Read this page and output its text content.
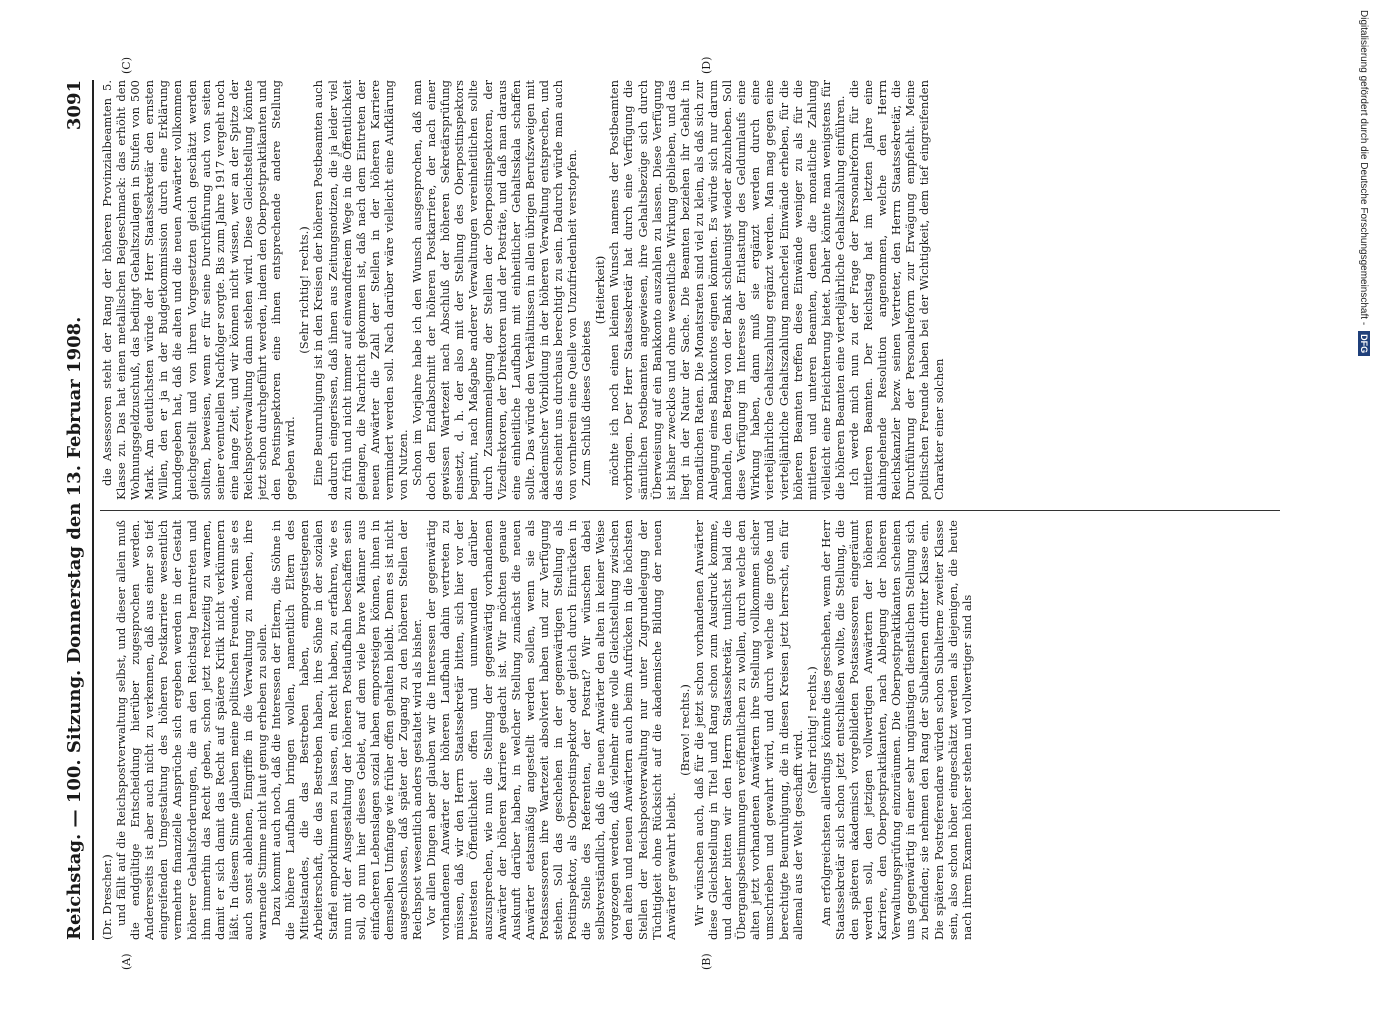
Reichstag. — 100. Sitzung. Donnerstag den 13. Februar 1908.
3091
(A)	(B)
(C)	(D)

(Dr. Drescher.) und fällt auf die Reichspostverwaltung selbst, und dieser allein muß die endgültige Entscheidung hierüber zugesprochen werden. Andererseits ist aber auch nicht zu verkennen, daß aus einer so tief eingreifenden Umgestaltung des höheren Postkarriere wesentlich vermehrte finanzielle Ansprüche sich ergeben werden in der Gestalt höherer Gehaltsforderungen, die an den Reichstag herantreten und ihm immerhin das Recht geben, schon jetzt rechtzeitig zu warnen, damit er sich damit das Recht auf spätere Kritik nicht verkümmern läßt. In diesem Sinne glauben meine politischen Freunde, wenn sie es auch sonst ablehnen, Eingriffe in die Verwaltung zu machen, ihre warnende Stimme nicht laut genug erheben zu sollen. Dazu kommt auch noch, daß die Interessen der Eltern, die Söhne in die höhere Laufbahn bringen wollen, namentlich Eltern des Mittelstandes, die das Bestreben haben, emporgestiegenen Arbeiterschaft, die das Bestreben haben, ihre Söhne in der sozialen Staffel emporklimmen zu lassen, ein Recht haben, zu erfahren, wie es nun mit der Ausgestaltung der höheren Postlaufbahn beschaffen sein soll, ob nun hier dieses Gebiet, auf dem viele brave Männer aus einfacheren Lebenslagen sozial haben emporsteigen können, ihnen in demselben Umfange wie früher offen gehalten bleibt. Denn es ist nicht ausgeschlossen, daß später der Zugang zu den höheren Stellen der Reichspost wesentlich anders gestaltet wird als bisher. Vor allen Dingen aber glauben wir die Interessen der gegenwärtig vorhandenen Anwärter der höheren Laufbahn dahin vertreten zu müssen, daß wir den Herrn Staatssekretär bitten, sich hier vor der breitesten Öffentlichkeit offen und unumwunden darüber auszusprechen, wie nun die Stellung der gegenwärtig vorhandenen Anwärter der höheren Karriere gedacht ist. Wir möchten genaue Auskunft darüber haben, in welcher Stellung zunächst die neuen Anwärter etatsmäßig angestellt werden sollen, wenn sie als Postassessoren ihre Wartezeit absolviert haben und zur Verfügung stehen. Soll das geschehen in der gegenwärtigen Stellung als Postinspektor, als Oberpostinspektor oder gleich durch Einrücken in die Stelle des Referenten, der Postrat? Wir wünschen dabei selbstverständlich, daß die neuen Anwärter den alten in keiner Weise vorgezogen werden, daß vielmehr eine volle Gleichstellung zwischen den alten und neuen Anwärtern auch beim Aufrücken in die höchsten Stellen der Reichspostverwaltung nur unter Zugrundelegung der Tüchtigkeit ohne Rücksicht auf die akademische Bildung der neuen Anwärter gewahrt bleibt.

(Bravo! rechts.) Wir wünschen auch, daß für die jetzt schon vorhandenen Anwärter diese Gleichstellung in Titel und Rang schon zum Ausdruck komme, und daher bitten wir den Herrn Staatssekretär, tunlichst bald die Übergangsbestimmungen veröffentlichen zu wollen, durch welche den alten jetzt vorhandenen Anwärtern ihre Stellung vollkommen sicher umschrieben und gewahrt wird, und durch welche die große und berechtigte Beunruhigung, die in diesen Kreisen jetzt herrscht, ein für allemal aus der Welt geschafft wird. (Sehr richtig! rechts.) Am erfolgreichsten allerdings könnte dies geschehen, wenn der Herr Staatssekretär sich schon jetzt entschließen wollte, die Stellung, die den späteren akademisch vorgebildeten Postassessoren eingeräumt werden soll, den jetzigen vollwertigen Anwärtern der höheren Karriere, den Oberpostpraktikanten, nach Ablegung der höheren Verwaltungsprüfung einzuräumen. Die Oberpostpraktikanten scheinen uns gegenwärtig in einer sehr ungünstigen dienstlichen Stellung sich zu befinden; sie nehmen den Rang der Subalternen dritter Klasse ein. Die späteren Postreferendare würden schon Subalterne zweiter Klasse sein, also schon höher eingeschätzt werden als diejenigen, die heute nach ihrem Examen höher stehen und vollwertiger sind als

die Assessoren steht der Rang der höheren Provinzialbeamten 5. Klasse zu. Das hat einen metallischen Beigeschmack: das erhöht den Wohnungsgeldzuschuß, das bedingt Gehaltszulagen in Stufen von 500 Mark. Am deutlichsten würde der Herr Staatssekretär den ernsten Willen, den er ja in der Budgetkommission durch eine Erklärung kundgegeben hat, daß die alten und die neuen Anwärter vollkommen gleichgestellt und von ihren Vorgesetzten gleich geschätzt werden sollten, beweisen, wenn er für seine Durchführung auch von seiten seiner eventuellen Nachfolger sorgte. Bis zum Jahre 1917 vergeht noch eine lange Zeit, und wir können nicht wissen, wer an der Spitze der Reichspostverwaltung dann stehen wird. Diese Gleichstellung könnte jetzt schon durchgeführt werden, indem den Oberpostpraktikanten und den Postinspektoren eine ihnen entsprechende andere Stellung gegeben wird.

(Sehr richtig! rechts.) Eine Beunruhigung ist in den Kreisen der höheren Postbeamten auch dadurch eingerissen, daß ihnen aus Zeitungsnotizen, die ja leider viel zu früh und nicht immer auf einwandfreiem Wege in die Öffentlichkeit gelangen, die Nachricht gekommen ist, daß nach dem Eintreten der neuen Anwärter die Zahl der Stellen in der höheren Karriere vermindert werden soll. Nach darüber wäre vielleicht eine Aufklärung von Nutzen. Schon im Vorjahre habe ich den Wunsch ausgesprochen, daß man doch den Endabschnitt der höheren Postkarriere, der nach einer gewissen Wartezeit nach Abschluß der höheren Sekretärsprüfung einsetzt, d. h. der also mit der Stellung des Oberpostinspektors beginnt, nach Maßgabe anderer Verwaltungen vereinheitlichen sollte durch Zusammenlegung der Stellen der Oberpostinspektoren, der Vizedirektoren, der Direktoren und der Posträte, und daß man daraus eine einheitliche Laufbahn mit einheitlicher Gehaltsskala schaffen sollte. Das würde den Verhältnissen in allen übrigen Berufszweigen mit akademischer Vorbildung in der höheren Verwaltung entsprechen, und das scheint uns durchaus berechtigt zu sein. Dadurch würde man auch von vornherein eine Quelle von Unzufriedenheit verstopfen. Zum Schluß dieses Gebietes

(Heiterkeit) möchte ich noch einen kleinen Wunsch namens der Postbeamten vorbringen. Der Herr Staatssekretär hat durch eine Verfügung die sämtlichen Postbeamten angewiesen, ihre Gehaltsbezüge sich durch Überweisung auf ein Bankkonto auszahlen zu lassen. Diese Verfügung ist bisher zwecklos und ohne wesentliche Wirkung geblieben, und das liegt in der Natur der Sache. Die Beamten beziehen ihr Gehalt in monatlichen Raten. Die Monatsraten sind viel zu klein, als daß sich zur Anlegung eines Bankkontos eignen könnten. Es würde sich nur darum handeln, den Betrag von der Bank schleunigst wieder abzuheben. Soll diese Verfügung im Interesse der Entlastung des Geldumlaufs eine Wirkung haben, dann muß sie ergänzt werden durch eine vierteljährliche Gehaltszahlung ergänzt werden. Man mag gegen eine vierteljährliche Gehaltszahlung mancherlei Einwände erheben, für die höheren Beamten treffen diese Einwände weniger zu als für die mittleren und unteren Beamten, denen die monatliche Zahlung vielleicht eine Erleichterung bietet. Daher könnte man wenigstens für die höheren Beamten eine vierteljährliche Gehaltszahlung einführen. Ich werde mich nun zu der Frage der Personalreform für die mittleren Beamten. Der Reichstag hat im letzten Jahre eine dahingehende Resolution angenommen, welche den Herrn Reichskanzler bezw. seinen Vertreter, den Herrn Staatssekretär, die Durchführung der Personalreform zur Erwägung empfiehlt. Meine politischen Freunde haben bei der Wichtigkeit, dem tief eingreifenden Charakter einer solchen

Digitalisierung gefördert durch die Deutsche Forschungsgemeinschaft -
DFG
